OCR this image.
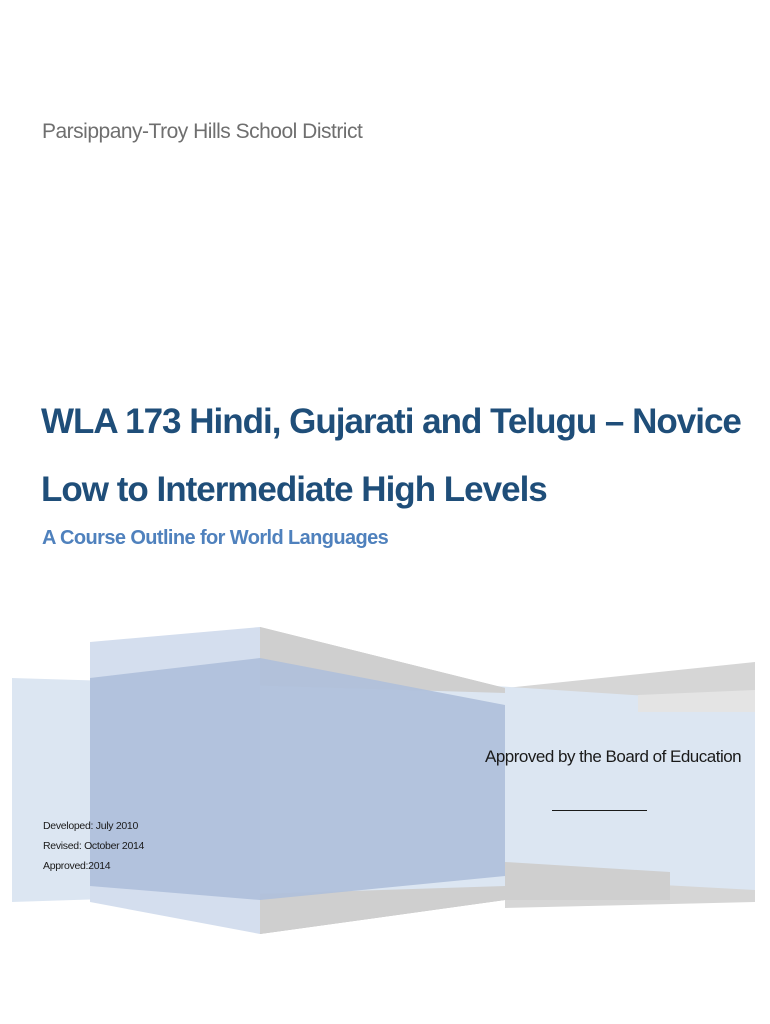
Parsippany-Troy Hills School District
WLA 173 Hindi, Gujarati and Telugu – Novice
Low to Intermediate High Levels
A Course Outline for World Languages
Approved by the Board of Education
Developed: July 2010
Revised: October 2014
Approved:2014
